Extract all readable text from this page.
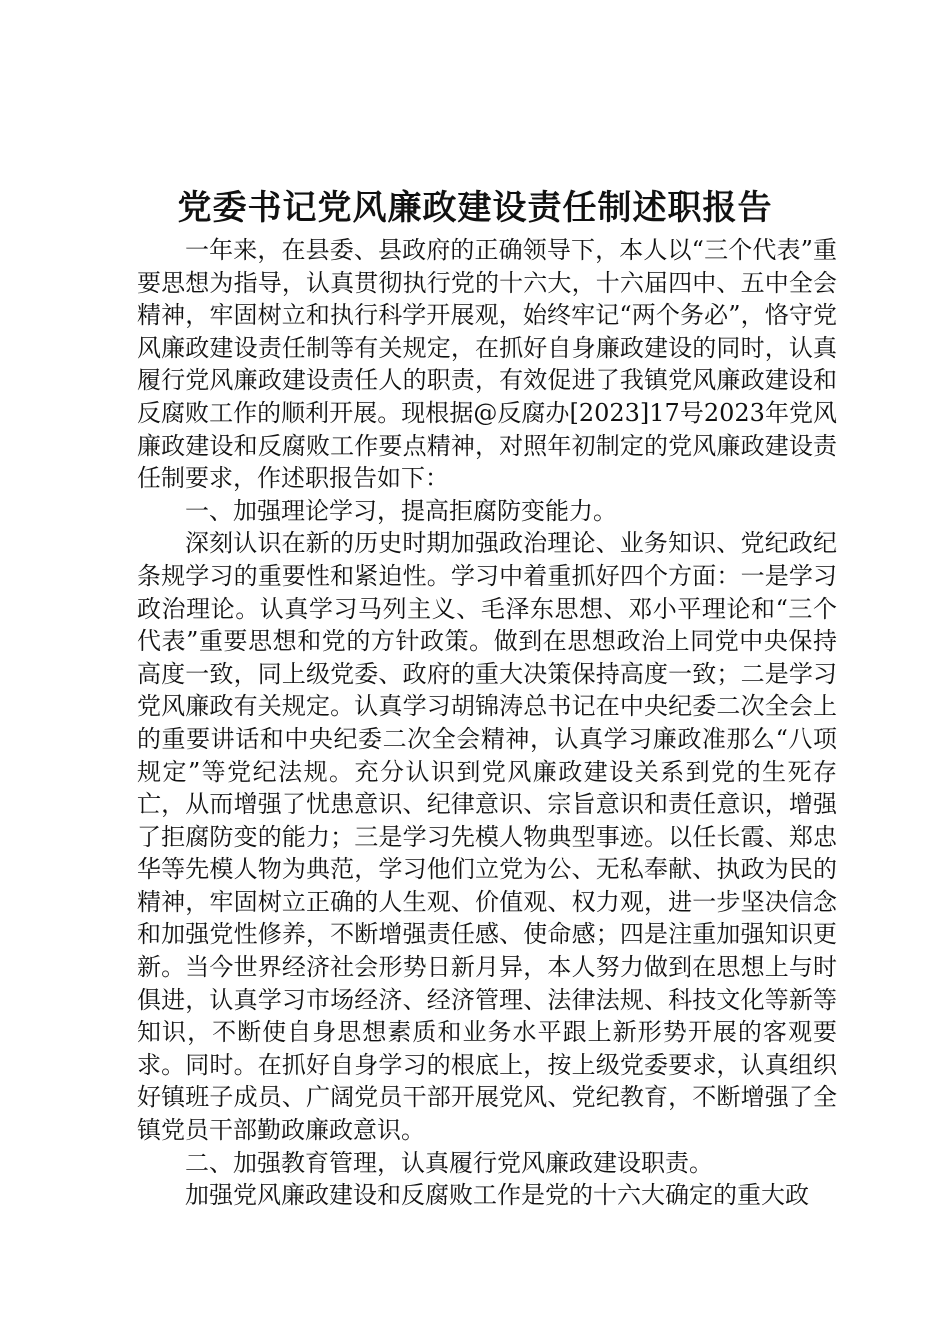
党委书记党风廉政建设责任制述职报告

一年来，在县委、县政府的正确领导下，本人以“三个代表”重要思想为指导，认真贯彻执行党的十六大，十六届四中、五中全会精神，牢固树立和执行科学开展观，始终牢记“两个务必”，恪守党风廉政建设责任制等有关规定，在抓好自身廉政建设的同时，认真履行党风廉政建设责任人的职责，有效促进了我镇党风廉政建设和反腐败工作的顺利开展。现根据@反腐办[2023]17号2023年党风廉政建设和反腐败工作要点精神，对照年初制定的党风廉政建设责任制要求，作述职报告如下：

一、加强理论学习，提高拒腐防变能力。

深刻认识在新的历史时期加强政治理论、业务知识、党纪政纪条规学习的重要性和紧迫性。学习中着重抓好四个方面：一是学习政治理论。认真学习马列主义、毛泽东思想、邓小平理论和“三个代表”重要思想和党的方针政策。做到在思想政治上同党中央保持高度一致，同上级党委、政府的重大决策保持高度一致；二是学习党风廉政有关规定。认真学习胡锦涛总书记在中央纪委二次全会上的重要讲话和中央纪委二次全会精神，认真学习廉政准那么“八项规定”等党纪法规。充分认识到党风廉政建设关系到党的生死存亡，从而增强了忧患意识、纪律意识、宗旨意识和责任意识，增强了拒腐防变的能力；三是学习先模人物典型事迹。以任长霞、郑忠华等先模人物为典范，学习他们立党为公、无私奉献、执政为民的精神，牢固树立正确的人生观、价值观、权力观，进一步坚决信念和加强党性修养，不断增强责任感、使命感；四是注重加强知识更新。当今世界经济社会形势日新月异，本人努力做到在思想上与时俱进，认真学习市场经济、经济管理、法律法规、科技文化等新等知识，不断使自身思想素质和业务水平跟上新形势开展的客观要求。同时。在抓好自身学习的根底上，按上级党委要求，认真组织好镇班子成员、广阔党员干部开展党风、党纪教育，不断增强了全镇党员干部勤政廉政意识。

二、加强教育管理，认真履行党风廉政建设职责。

加强党风廉政建设和反腐败工作是党的十六大确定的重大政
